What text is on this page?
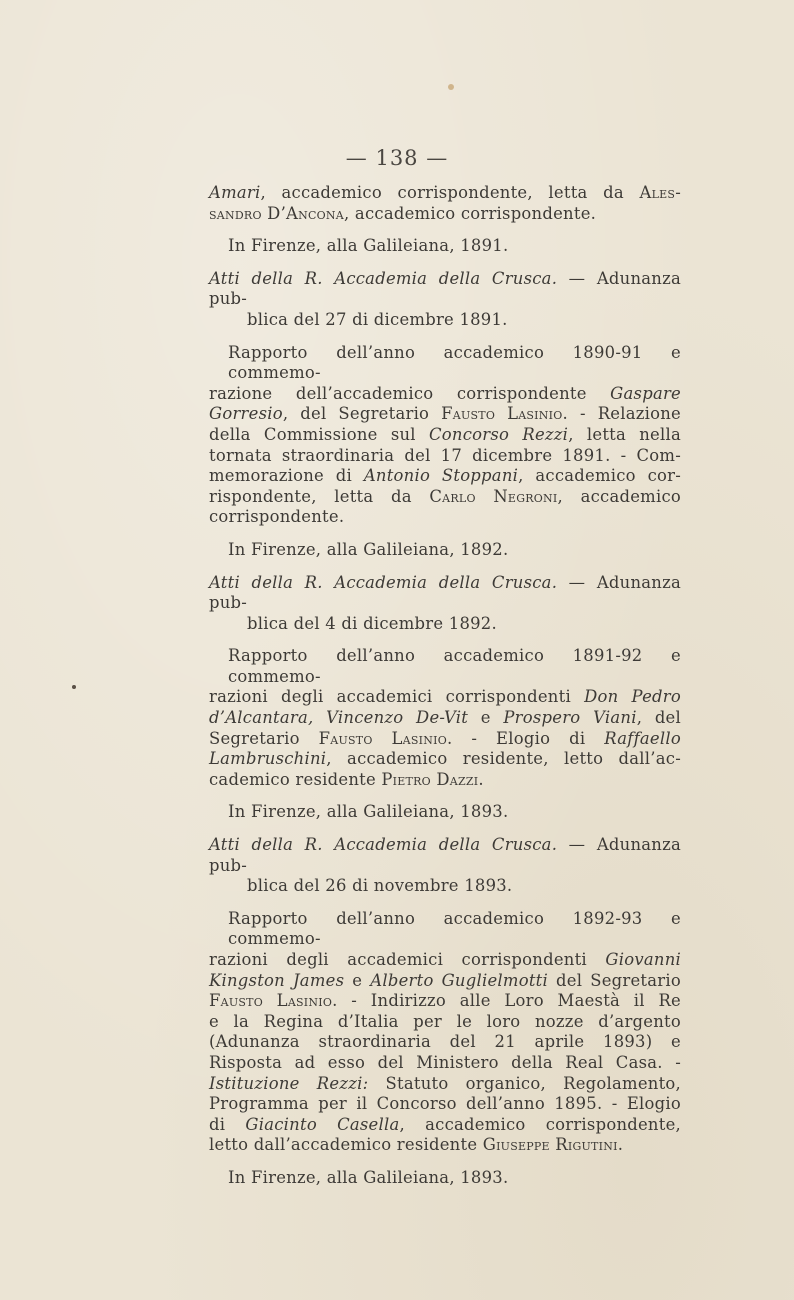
— 138 —

Amari, accademico corrispondente, letta da Ales-
sandro D’Ancona, accademico corrispondente.
In Firenze, alla Galileiana, 1891.
Atti della R. Accademia della Crusca. — Adunanza pub-
blica del 27 di dicembre 1891.
Rapporto dell’anno accademico 1890-91 e commemo-
razione dell’accademico corrispondente Gaspare
Gorresio, del Segretario Fausto Lasinio. - Relazione
della Commissione sul Concorso Rezzi, letta nella
tornata straordinaria del 17 dicembre 1891. - Com-
memorazione di Antonio Stoppani, accademico cor-
rispondente, letta da Carlo Negroni, accademico
corrispondente.
In Firenze, alla Galileiana, 1892.
Atti della R. Accademia della Crusca. — Adunanza pub-
blica del 4 di dicembre 1892.
Rapporto dell’anno accademico 1891-92 e commemo-
razioni degli accademici corrispondenti Don Pedro
d’Alcantara, Vincenzo De-Vit e Prospero Viani, del
Segretario Fausto Lasinio. - Elogio di Raffaello
Lambruschini, accademico residente, letto dall’ac-
cademico residente Pietro Dazzi.
In Firenze, alla Galileiana, 1893.
Atti della R. Accademia della Crusca. — Adunanza pub-
blica del 26 di novembre 1893.
Rapporto dell’anno accademico 1892-93 e commemo-
razioni degli accademici corrispondenti Giovanni
Kingston James e Alberto Guglielmotti del Segretario
Fausto Lasinio. - Indirizzo alle Loro Maestà il Re
e la Regina d’Italia per le loro nozze d’argento
(Adunanza straordinaria del 21 aprile 1893) e
Risposta ad esso del Ministero della Real Casa. -
Istituzione Rezzi: Statuto organico, Regolamento,
Programma per il Concorso dell’anno 1895. - Elogio
di Giacinto Casella, accademico corrispondente,
letto dall’accademico residente Giuseppe Rigutini.
In Firenze, alla Galileiana, 1893.
